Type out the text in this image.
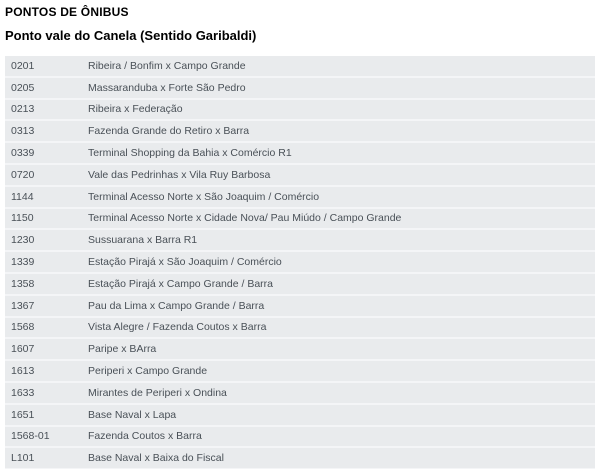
PONTOS DE ÔNIBUS
Ponto vale do Canela (Sentido Garibaldi)
0201	Ribeira / Bonfim x Campo Grande
0205	Massaranduba x Forte São Pedro
0213	Ribeira x Federação
0313	Fazenda Grande do Retiro x Barra
0339	Terminal Shopping da Bahia x Comércio R1
0720	Vale das Pedrinhas x Vila Ruy Barbosa
1144	Terminal Acesso Norte x São Joaquim / Comércio
1150	Terminal Acesso Norte x Cidade Nova/ Pau Miúdo / Campo Grande
1230	Sussuarana x Barra R1
1339	Estação Pirajá x São Joaquim / Comércio
1358	Estação Pirajá x Campo Grande / Barra
1367	Pau da Lima x Campo Grande / Barra
1568	Vista Alegre / Fazenda Coutos x Barra
1607	Paripe x BArra
1613	Periperi x Campo Grande
1633	Mirantes de Periperi x Ondina
1651	Base Naval x Lapa
1568-01	Fazenda Coutos x Barra
L101	Base Naval x Baixa do Fiscal
